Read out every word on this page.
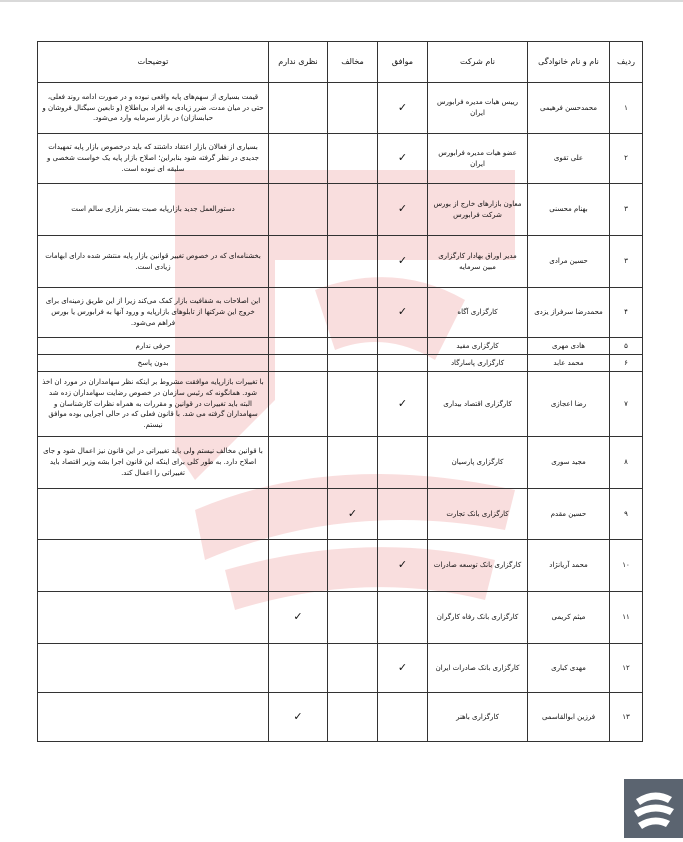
ردیف	نام و نام خانوادگی	نام شرکت	موافق	مخالف	نظری ندارم	توضیحات
۱	محمدحسن فرهیمی	رییس هیات مدیره فرابورس ایران	✓			قیمت بسیاری از سهم‌های پایه واقعی نبوده و در صورت ادامه روند فعلی، حتی در میان مدت، ضرر زیادی به افراد بی‌اطلاع (و تابعین سیگنال فروشان و حبابسازان) در بازار سرمایه وارد می‌شود.
۲	علی تقوی	عضو هیات مدیره فرابورس ایران	✓			بسیاری از فعالان بازار اعتقاد داشتند که باید درخصوص بازار پایه تمهیدات جدیدی در نظر گرفته شود بنابراین؛ اصلاح بازار پایه یک خواست شخصی و سلیقه ای نبوده است.
۳	بهنام محسنی	معاون بازارهای خارج از بورس شرکت فرابورس	✓			دستورالعمل جدید بازارپایه صبت بستر بازاری سالم است
۳	حسین مرادی	مدیر اوراق بهادار کارگزاری مبین سرمایه	✓			بخشنامه‌ای که در خصوص تغییر قوانین بازار پایه منتشر شده دارای ابهامات زیادی است.
۴	محمدرضا سرفراز یزدی	کارگزاری آگاه	✓			این اصلاحات به شفافیت بازار کمک می‌کند زیرا از این طریق زمینه‌ای برای خروج این شرکتها از تابلوهای بازارپایه و ورود آنها به فرابورس یا بورس فراهم می‌شود.
۵	هادی مهری	کارگزاری مفید				حرفی ندارم
۶	محمد عابد	کارگزاری پاسارگاد				بدون پاسخ
۷	رضا اعجازی	کارگزاری اقتصاد بیداری	✓			با تغییرات بازارپایه موافقت مشروط بر اینکه نظر سهامداران در مورد ان اخذ شود. همانگونه که رئیس سازمان در خصوص رضایت سهامداران زده شد البته باید تغییرات در قوانین و مقررات به همراه نظرات کارشناسان و سهامداران گرفته می شد. با قانون فعلی که در حالی اجرایی بوده موافق نیستم.
۸	مجید سوری	کارگزاری پارسیان				با قوانین مخالف نیستم ولی باید تغییراتی در این قانون نیز اعمال شود و جای اصلاح دارد. به طور کلی برای اینکه این قانون اجرا بشه وزیر اقتصاد باید تغییراتی را اعمال کند.
۹	حسین مقدم	کارگزاری بانک تجارت		✓		
۱۰	محمد آریانژاد	کارگزاری بانک توسعه صادرات	✓			
۱۱	میثم کریمی	کارگزاری بانک رفاه کارگران			✓	
۱۲	مهدی کباری	کارگزاری بانک صادرات ایران	✓			
۱۳	فرزین ابوالقاسمی	کارگزاری باهنر			✓	
